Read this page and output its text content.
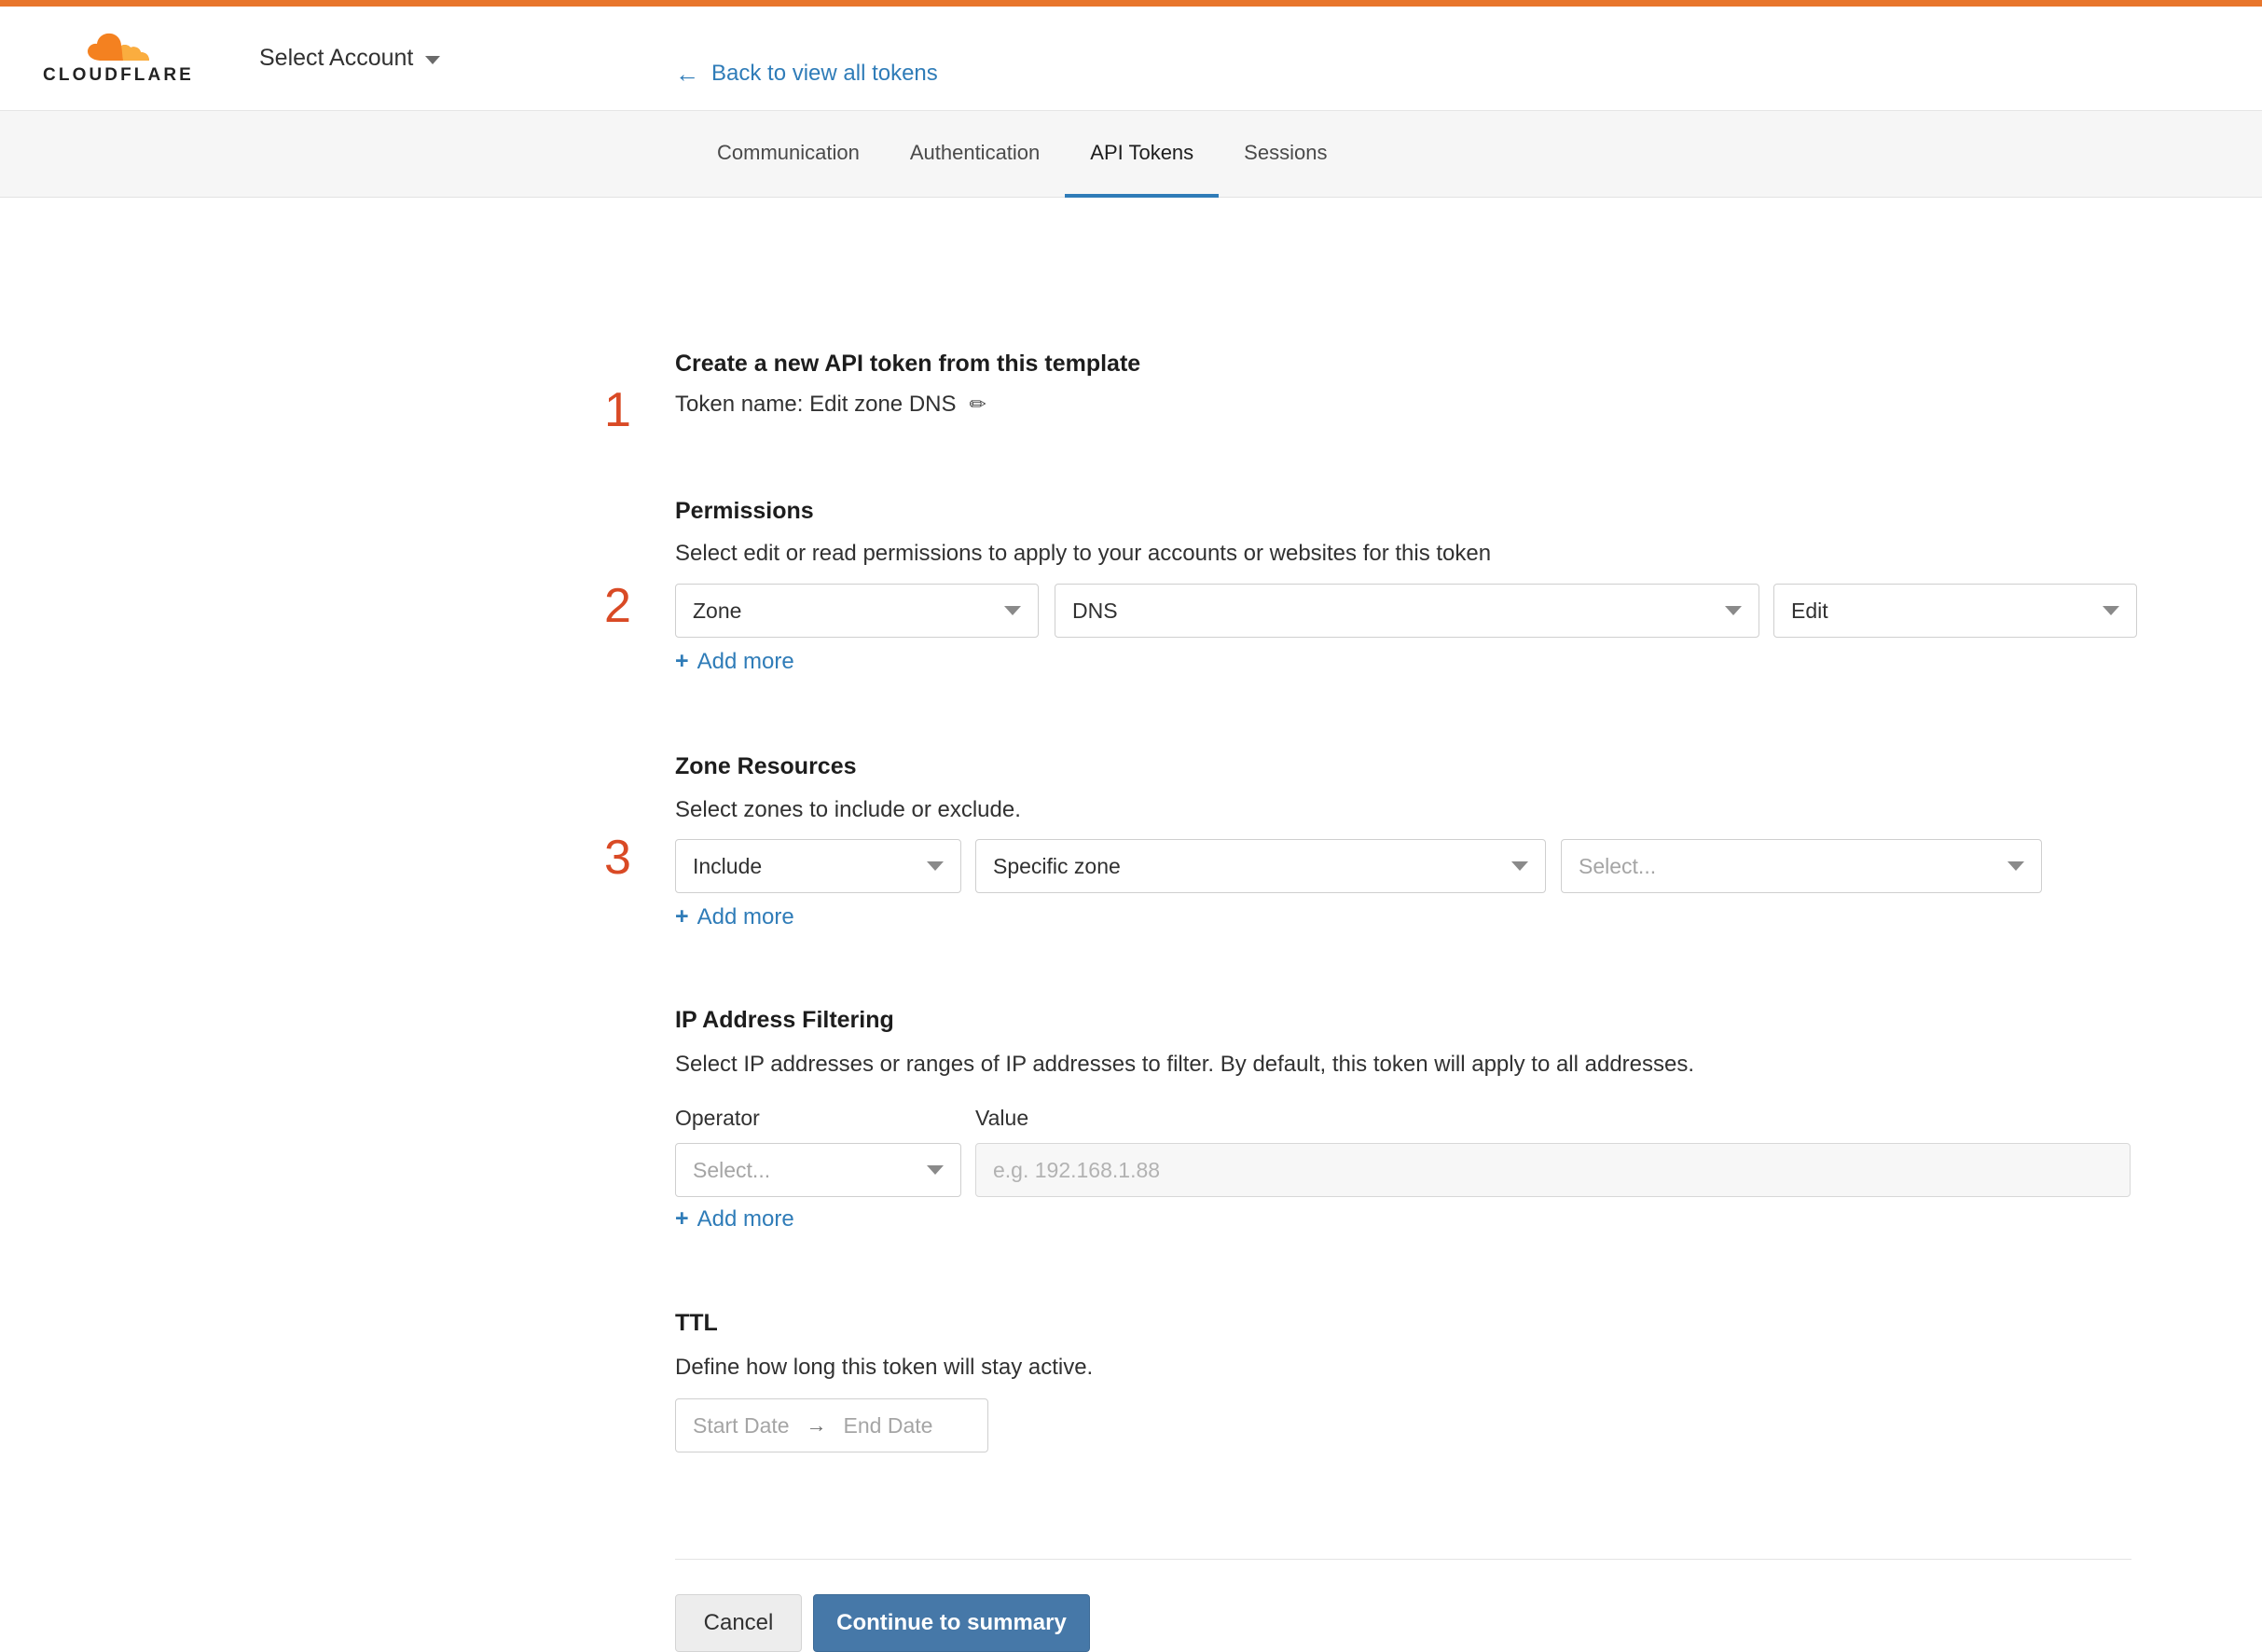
CLOUDFLARE
Select Account
Communication	Authentication	API Tokens	Sessions
← Back to view all tokens
1
2
3
Create a new API token from this template
Token name: Edit zone DNS ✏
Permissions
Select edit or read permissions to apply to your accounts or websites for this token
Zone	DNS	Edit
+ Add more
Zone Resources
Select zones to include or exclude.
Include	Specific zone	Select...
+ Add more
IP Address Filtering
Select IP addresses or ranges of IP addresses to filter. By default, this token will apply to all addresses.
Operator	Value
Select...	e.g. 192.168.1.88
+ Add more
TTL
Define how long this token will stay active.
Start Date → End Date
Cancel	Continue to summary
